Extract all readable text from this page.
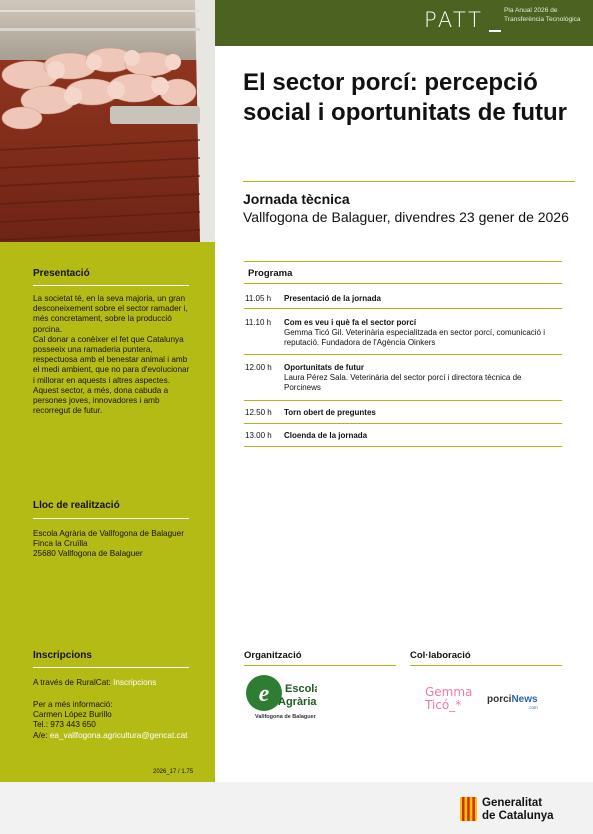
PATT	Pla Anual 2026 de Transferència Tecnològica
El sector porcí: percepció social i oportunitats de futur
Jornada tècnica
Vallfogona de Balaguer, divendres 23 gener de 2026
Presentació
La societat té, en la seva majoria, un gran desconeixement sobre el sector ramader i, més concretament, sobre la producció porcina.
Cal donar a conèixer el fet que Catalunya posseeix una ramaderia puntera, respectuosa amb el benestar animal i amb el medi ambient, que no para d'evolucionar i millorar en aquests i altres aspectes. Aquest sector, a més, dona cabuda a persones joves, innovadores i amb recorregut de futur.
Lloc de realització
Escola Agrària de Vallfogona de Balaguer
Finca la Cruïlla
25680 Vallfogona de Balaguer
Inscripcions
A través de RuralCat: Inscripcions
Per a més informació:
Carmen López Burillo
Tel.: 973 443 650
A/e: ea_vallfogona.agricultura@gencat.cat
2026_17 / 1.75
Programa
11.05 h Presentació de la jornada
11.10 h Com es veu i què fa el sector porcí
Gemma Ticó Gil. Veterinària especialitzada en sector porcí, comunicació i reputació. Fundadora de l'Agència Oinkers
12.00 h Oportunitats de futur
Laura Pérez Sala. Veterinària del sector porcí i directora tècnica de Porcinews
12.50 h Torn obert de preguntes
13.00 h Cloenda de la jornada
Organització
e Escola
Agrària
Vallfogona de Balaguer
Col·laboració
Gemma
Ticó_*	porciNews
.com
Generalitat
de Catalunya
